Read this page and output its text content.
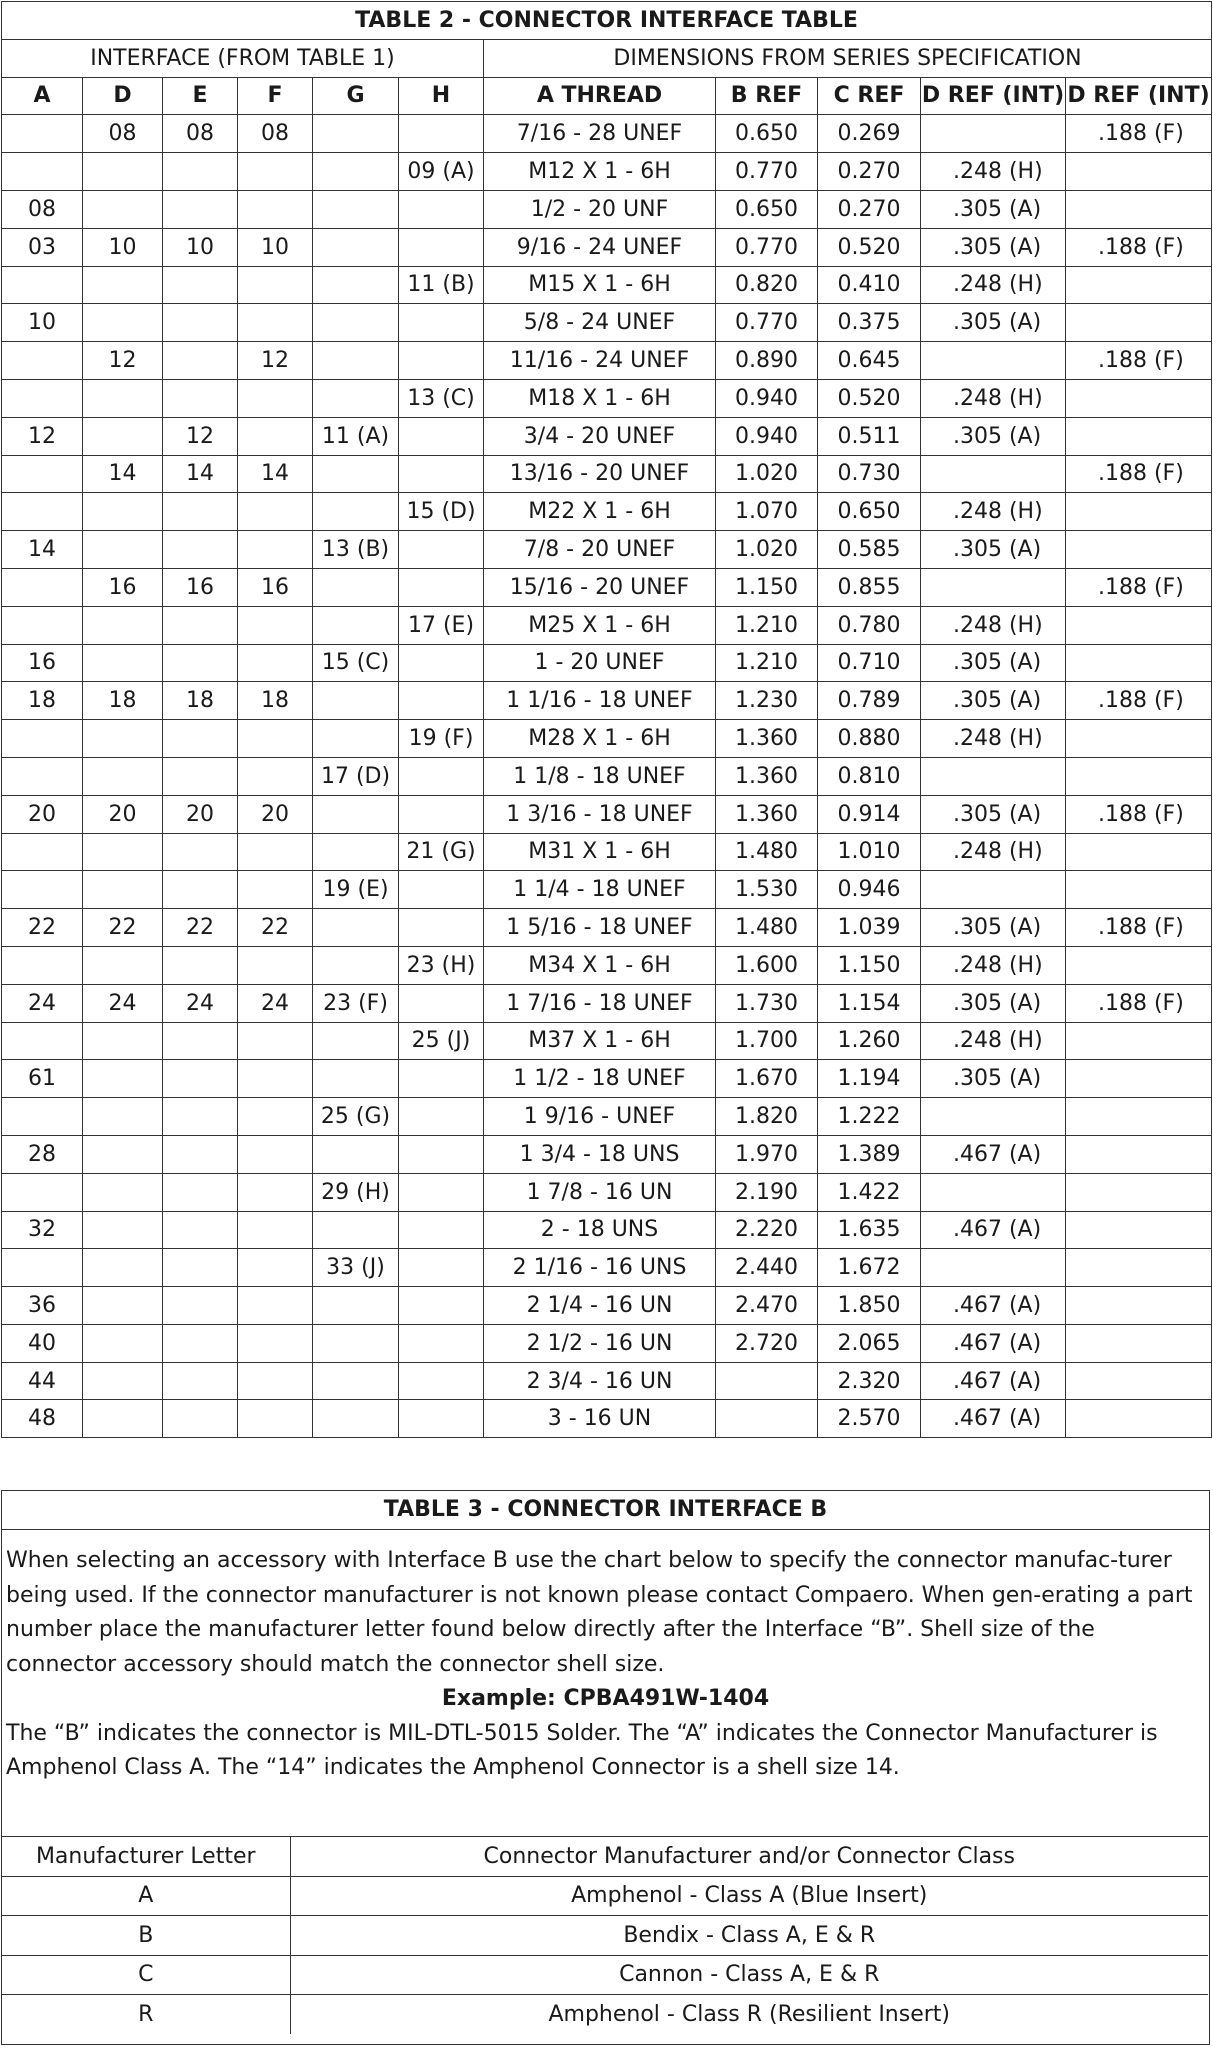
TABLE 2 - CONNECTOR INTERFACE TABLE										
INTERFACE (FROM TABLE 1)						DIMENSIONS FROM SERIES SPECIFICATION				
A	D	E	F	G	H	A THREAD	B REF	C REF	D REF (INT)	D REF (INT)
	08	08	08			7/16 - 28 UNEF	0.650	0.269		.188 (F)
					09 (A)	M12 X 1 - 6H	0.770	0.270	.248 (H)	
08						1/2 - 20 UNF	0.650	0.270	.305 (A)	
03	10	10	10			9/16 - 24 UNEF	0.770	0.520	.305 (A)	.188 (F)
					11 (B)	M15 X 1 - 6H	0.820	0.410	.248 (H)	
10						5/8 - 24 UNEF	0.770	0.375	.305 (A)	
	12		12			11/16 - 24 UNEF	0.890	0.645		.188 (F)
					13 (C)	M18 X 1 - 6H	0.940	0.520	.248 (H)	
12		12		11 (A)		3/4 - 20 UNEF	0.940	0.511	.305 (A)	
	14	14	14			13/16 - 20 UNEF	1.020	0.730		.188 (F)
					15 (D)	M22 X 1 - 6H	1.070	0.650	.248 (H)	
14				13 (B)		7/8 - 20 UNEF	1.020	0.585	.305 (A)	
	16	16	16			15/16 - 20 UNEF	1.150	0.855		.188 (F)
					17 (E)	M25 X 1 - 6H	1.210	0.780	.248 (H)	
16				15 (C)		1 - 20 UNEF	1.210	0.710	.305 (A)	
18	18	18	18			1 1/16 - 18 UNEF	1.230	0.789	.305 (A)	.188 (F)
					19 (F)	M28 X 1 - 6H	1.360	0.880	.248 (H)	
				17 (D)		1 1/8 - 18 UNEF	1.360	0.810		
20	20	20	20			1 3/16 - 18 UNEF	1.360	0.914	.305 (A)	.188 (F)
					21 (G)	M31 X 1 - 6H	1.480	1.010	.248 (H)	
				19 (E)		1 1/4 - 18 UNEF	1.530	0.946		
22	22	22	22			1 5/16 - 18 UNEF	1.480	1.039	.305 (A)	.188 (F)
					23 (H)	M34 X 1 - 6H	1.600	1.150	.248 (H)	
24	24	24	24	23 (F)		1 7/16 - 18 UNEF	1.730	1.154	.305 (A)	.188 (F)
					25 (J)	M37 X 1 - 6H	1.700	1.260	.248 (H)	
61						1 1/2 - 18 UNEF	1.670	1.194	.305 (A)	
				25 (G)		1 9/16 - UNEF	1.820	1.222		
28						1 3/4 - 18 UNS	1.970	1.389	.467 (A)	
				29 (H)		1 7/8 - 16 UN	2.190	1.422		
32						2 - 18 UNS	2.220	1.635	.467 (A)	
				33 (J)		2 1/16 - 16 UNS	2.440	1.672		
36						2 1/4 - 16 UN	2.470	1.850	.467 (A)	
40						2 1/2 - 16 UN	2.720	2.065	.467 (A)	
44						2 3/4 - 16 UN		2.320	.467 (A)	
48						3 - 16 UN		2.570	.467 (A)	
TABLE 3 - CONNECTOR INTERFACE B

When selecting an accessory with Interface B use the chart below to specify the connector manufac-turer being used. If the connector manufacturer is not known please contact Compaero. When gen-erating a part number place the manufacturer letter found below directly after the Interface “B”. Shell size of the connector accessory should match the connector shell size.

Example: CPBA491W-1404

The “B” indicates the connector is MIL-DTL-5015 Solder. The “A” indicates the Connector Manufacturer is Amphenol Class A. The “14” indicates the Amphenol Connector is a shell size 14.

Manufacturer Letter	Connector Manufacturer and/or Connector Class
A	Amphenol - Class A (Blue Insert)
B	Bendix - Class A, E & R
C	Cannon - Class A, E & R
R	Amphenol - Class R (Resilient Insert)
